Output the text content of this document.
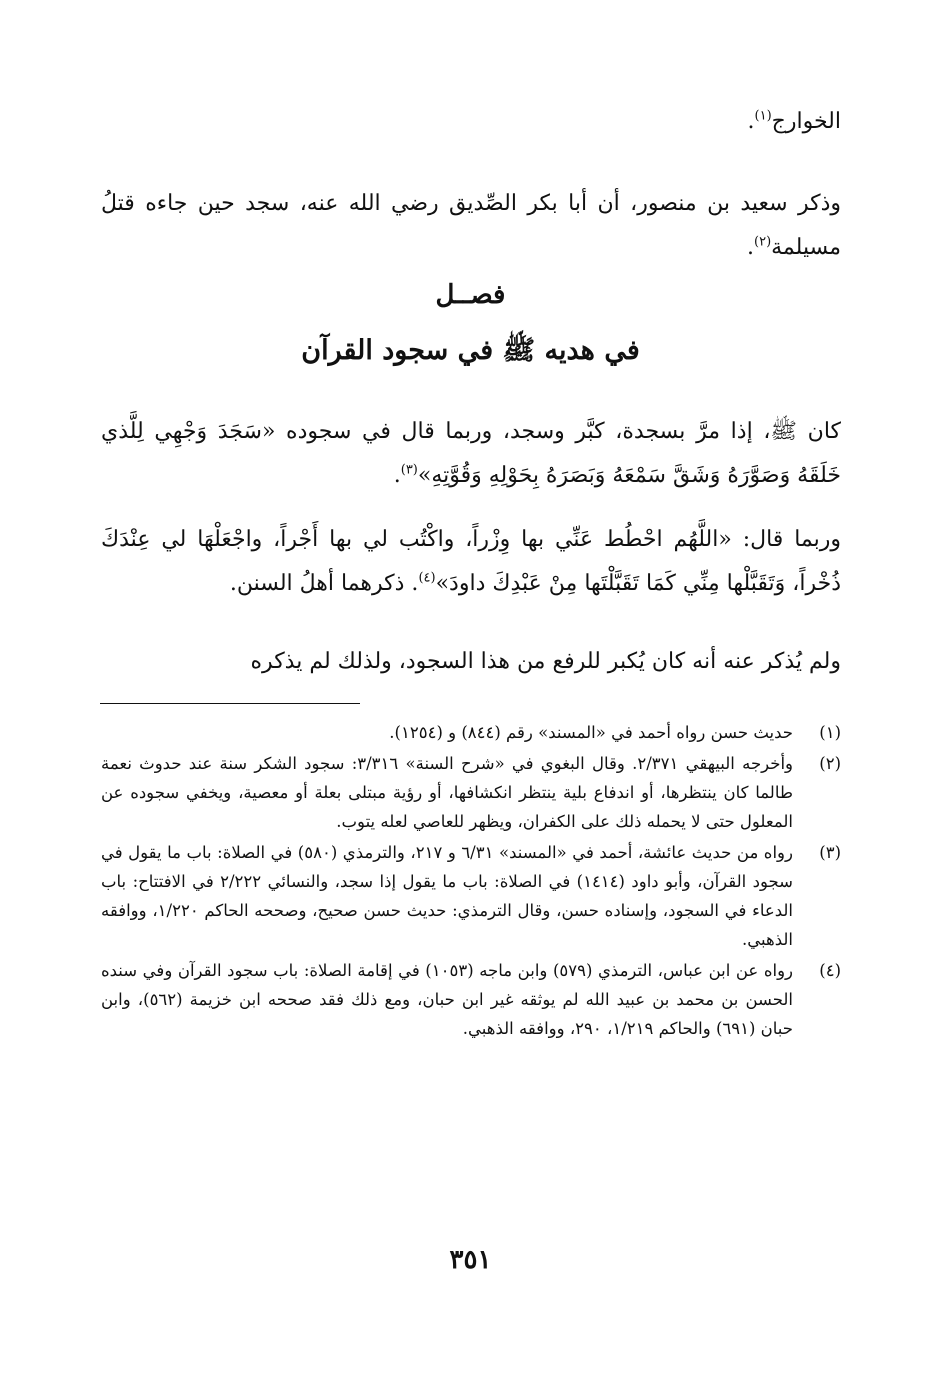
الخوارج$^{(١)}$.
وذكر سعيد بن منصور، أن أبا بكر الصِّديق رضي الله عنه، سجد حين جاءه قتلُ مسيلمة$^{(٢)}$.
فصــل
في هديه ﷺ في سجود القرآن
كان ﷺ، إذا مرَّ بسجدة، كبَّر وسجد، وربما قال في سجوده «سَجَدَ وَجْهِي لِلَّذي خَلَقَهُ وَصَوَّرَهُ وَشَقَّ سَمْعَهُ وَبَصَرَهُ بِحَوْلِهِ وَقُوَّتِهِ»$^{(٣)}$.
وربما قال: «اللَّهُم احْطُط عَنِّي بها وِزْراً، واكْتُب لي بها أَجْراً، واجْعَلْهَا لي عِنْدَكَ ذُخْراً، وَتَقَبَّلْها مِنِّي كَمَا تَقَبَّلْتَها مِنْ عَبْدِكَ داودَ»$^{(٤)}$. ذكرهما أهلُ السنن.
ولم يُذكر عنه أنه كان يُكبر للرفع من هذا السجود، ولذلك لم يذكره
(١)
حديث حسن رواه أحمد في «المسند» رقم (٨٤٤) و (١٢٥٤).
(٢)
وأخرجه البيهقي ٢/٣٧١. وقال البغوي في «شرح السنة» ٣/٣١٦: سجود الشكر سنة عند حدوث نعمة طالما كان ينتظرها، أو اندفاع بلية ينتظر انكشافها، أو رؤية مبتلى بعلة أو معصية، ويخفي سجوده عن المعلول حتى لا يحمله ذلك على الكفران، ويظهر للعاصي لعله يتوب.
(٣)
رواه من حديث عائشة، أحمد في «المسند» ٦/٣١ و ٢١٧، والترمذي (٥٨٠) في الصلاة: باب ما يقول في سجود القرآن، وأبو داود (١٤١٤) في الصلاة: باب ما يقول إذا سجد، والنسائي ٢/٢٢٢ في الافتتاح: باب الدعاء في السجود، وإسناده حسن، وقال الترمذي: حديث حسن صحيح، وصححه الحاكم ١/٢٢٠، ووافقه الذهبي.
(٤)
رواه عن ابن عباس، الترمذي (٥٧٩) وابن ماجه (١٠٥٣) في إقامة الصلاة: باب سجود القرآن وفي سنده الحسن بن محمد بن عبيد الله لم يوثقه غير ابن حبان، ومع ذلك فقد صححه ابن خزيمة (٥٦٢)، وابن حبان (٦٩١) والحاكم ١/٢١٩، ٢٩٠، ووافقه الذهبي.
٣٥١
